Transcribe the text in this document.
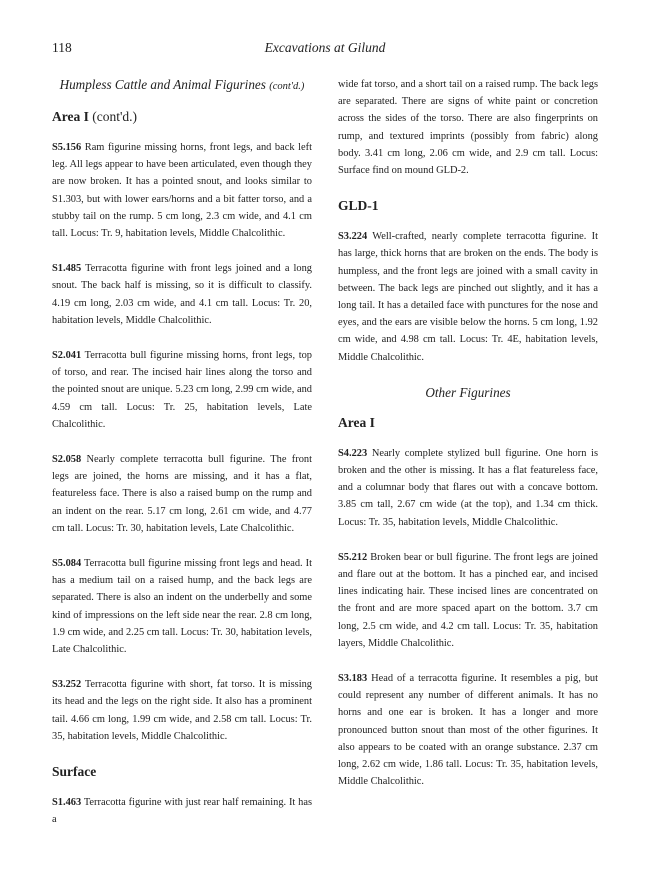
118	Excavations at Gilund
Humpless Cattle and Animal Figurines (cont'd.)
Area I (cont'd.)

S5.156 Ram figurine missing horns, front legs, and back left leg. All legs appear to have been articulated, even though they are now broken. It has a pointed snout, and looks similar to S1.303, but with lower ears/horns and a bit fatter torso, and a stubby tail on the rump. 5 cm long, 2.3 cm wide, and 4.1 cm tall. Locus: Tr. 9, habitation levels, Middle Chalcolithic.

S1.485 Terracotta figurine with front legs joined and a long snout. The back half is missing, so it is difficult to classify. 4.19 cm long, 2.03 cm wide, and 4.1 cm tall. Locus: Tr. 20, habitation levels, Middle Chalcolithic.

S2.041 Terracotta bull figurine missing horns, front legs, top of torso, and rear. The incised hair lines along the torso and the pointed snout are unique. 5.23 cm long, 2.99 cm wide, and 4.59 cm tall. Locus: Tr. 25, habitation levels, Late Chalcolithic.

S2.058 Nearly complete terracotta bull figurine. The front legs are joined, the horns are missing, and it has a flat, featureless face. There is also a raised bump on the rump and an indent on the rear. 5.17 cm long, 2.61 cm wide, and 4.77 cm tall. Locus: Tr. 30, habitation levels, Late Chalcolithic.

S5.084 Terracotta bull figurine missing front legs and head. It has a medium tail on a raised hump, and the back legs are separated. There is also an indent on the underbelly and some kind of impressions on the left side near the rear. 2.8 cm long, 1.9 cm wide, and 2.25 cm tall. Locus: Tr. 30, habitation levels, Late Chalcolithic.

S3.252 Terracotta figurine with short, fat torso. It is missing its head and the legs on the right side. It also has a prominent tail. 4.66 cm long, 1.99 cm wide, and 2.58 cm tall. Locus: Tr. 35, habitation levels, Middle Chalcolithic.

Surface

S1.463 Terracotta figurine with just rear half remaining. It has a

wide fat torso, and a short tail on a raised rump. The back legs are separated. There are signs of white paint or concretion across the sides of the torso. There are also fingerprints on rump, and textured imprints (possibly from fabric) along body. 3.41 cm long, 2.06 cm wide, and 2.9 cm tall. Locus: Surface find on mound GLD-2.

GLD-1

S3.224 Well-crafted, nearly complete terracotta figurine. It has large, thick horns that are broken on the ends. The body is humpless, and the front legs are joined with a small cavity in between. The back legs are pinched out slightly, and it has a long tail. It has a detailed face with punctures for the nose and eyes, and the ears are visible below the horns. 5 cm long, 1.92 cm wide, and 4.98 cm tall. Locus: Tr. 4E, habitation levels, Middle Chalcolithic.

Other Figurines
Area I

S4.223 Nearly complete stylized bull figurine. One horn is broken and the other is missing. It has a flat featureless face, and a columnar body that flares out with a concave bottom. 3.85 cm tall, 2.67 cm wide (at the top), and 1.34 cm thick. Locus: Tr. 35, habitation levels, Middle Chalcolithic.

S5.212 Broken bear or bull figurine. The front legs are joined and flare out at the bottom. It has a pinched ear, and incised lines indicating hair. These incised lines are concentrated on the front and are more spaced apart on the bottom. 3.7 cm long, 2.5 cm wide, and 4.2 cm tall. Locus: Tr. 35, habitation layers, Middle Chalcolithic.

S3.183 Head of a terracotta figurine. It resembles a pig, but could represent any number of different animals. It has no horns and one ear is broken. It has a longer and more pronounced button snout than most of the other figurines. It also appears to be coated with an orange substance. 2.37 cm long, 2.62 cm wide, 1.86 tall. Locus: Tr. 35, habitation levels, Middle Chalcolithic.
